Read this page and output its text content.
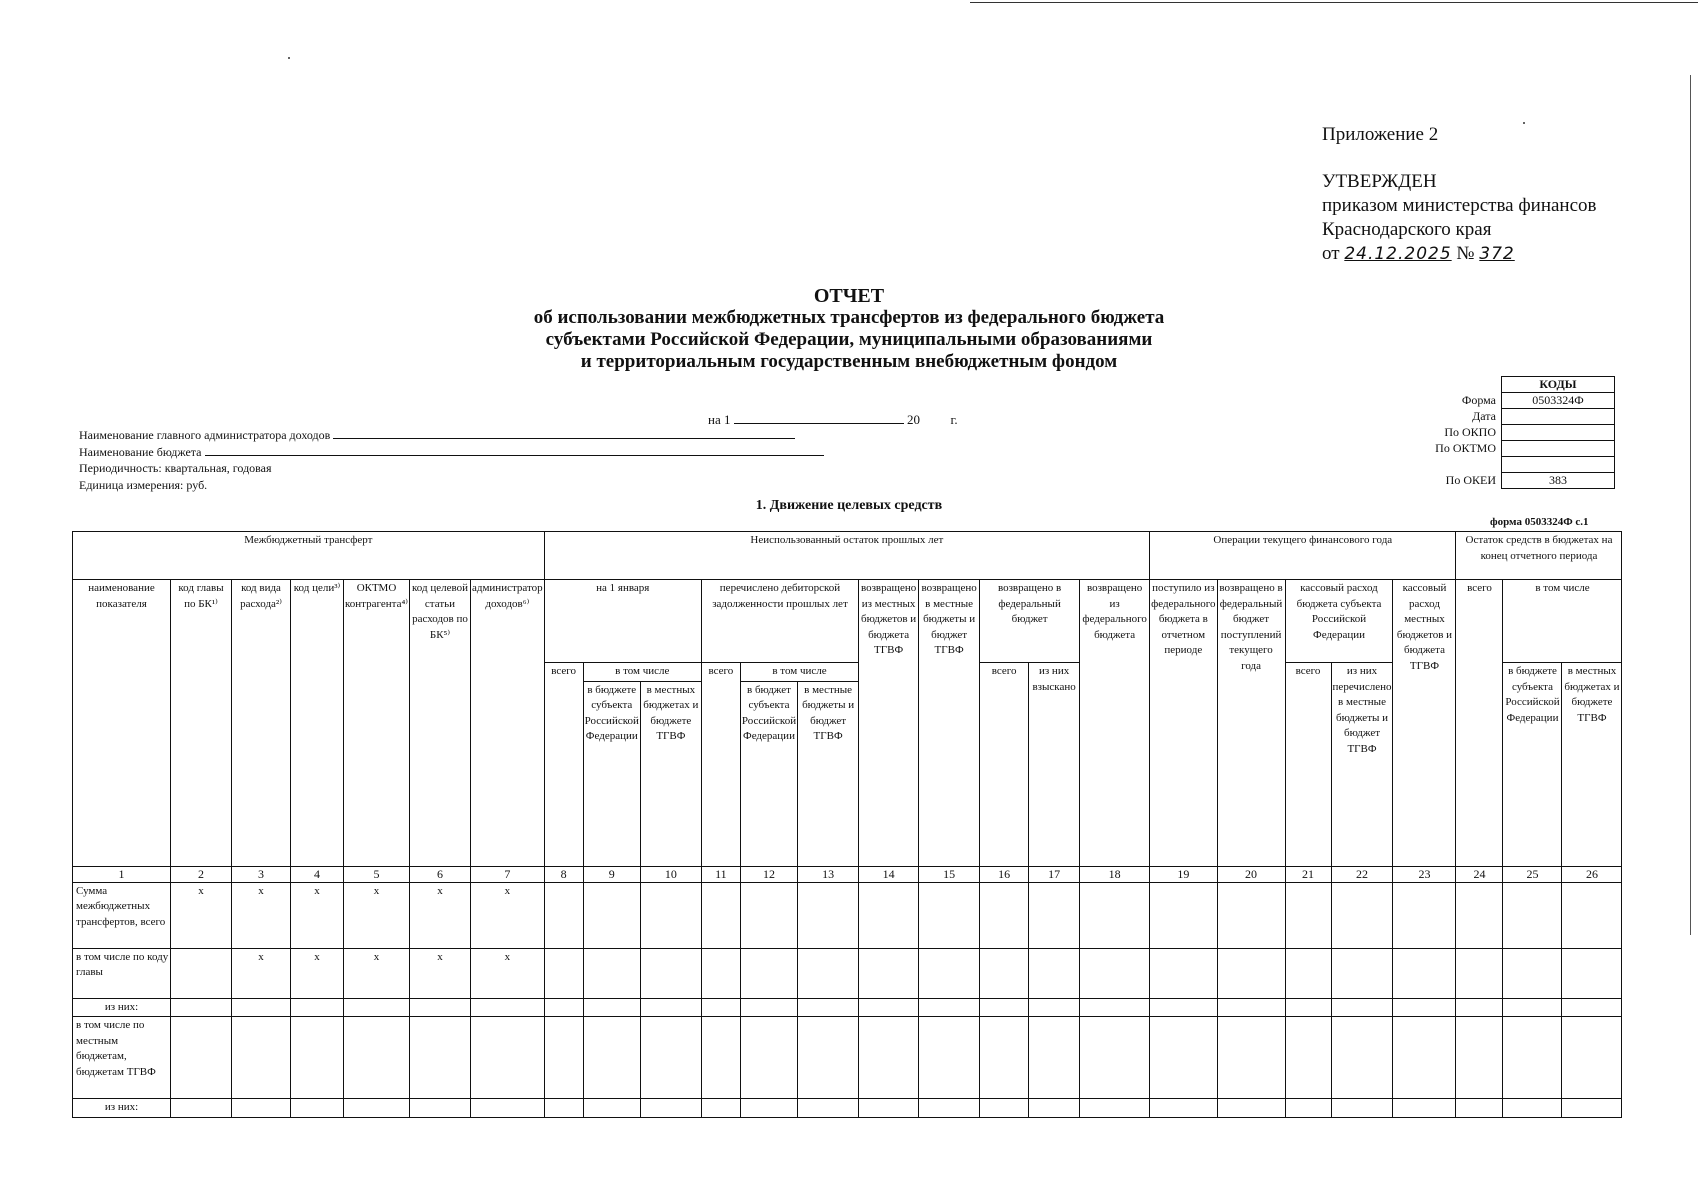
Приложение 2
УТВЕРЖДЕН
приказом министерства финансов
Краснодарского края
от 24.12.2025 № 372
ОТЧЕТ
об использовании межбюджетных трансфертов из федерального бюджета
субъектами Российской Федерации, муниципальными образованиями
и территориальным государственным внебюджетным фондом
на 1	20 г.
Наименование главного администратора доходов
Наименование бюджета
Периодичность: квартальная, годовая
Единица измерения: руб.
	КОДЫ
Форма	0503324Ф
Дата	
По ОКПО	
По ОКТМО	

По ОКЕИ	383
1. Движение целевых средств
форма 0503324Ф с.1
Межбюджетный трансферт							Неиспользованный остаток прошлых лет											Операции текущего финансового года					Остаток средств в бюджетах на конец отчетного периода		
наименование показателя	код главы по БК¹⁾	код вида расхода²⁾	код цели³⁾	ОКТМО контрагента⁴⁾	код целевой статьи расходов по БК⁵⁾	администратор доходов⁶⁾	на 1 января			перечислено дебиторской задолженности прошлых лет			возвращено из местных бюджетов и бюджета ТГВФ	возвращено в местные бюджеты и бюджет ТГВФ	возвращено в федеральный бюджет		возвращено из федерального бюджета	поступило из федерального бюджета в отчетном периоде	возвращено в федеральный бюджет поступлений текущего года	кассовый расход бюджета субъекта Российской Федерации		кассовый расход местных бюджетов и бюджета ТГВФ	всего	в том числе	
							всего	в том числе		всего	в том числе				всего	из них взыскано				всего	из них перечислено в местные бюджеты и бюджет ТГВФ			в бюджете субъекта Российской Федерации	в местных бюджетах и бюджете ТГВФ
								в бюджете субъекта Российской Федерации	в местных бюджетах и бюджете ТГВФ		в бюджет субъекта Российской Федерации	в местные бюджеты и бюджет ТГВФ													
1	2	3	4	5	6	7	8	9	10	11	12	13	14	15	16	17	18	19	20	21	22	23	24	25	26
Сумма межбюджетных трансфертов, всего	x	x	x	x	x	x																			
в том числе по коду главы		x	x	x	x	x																			
из них:																									
в том числе по местным бюджетам, бюджетам ТГВФ																									
из них:																									
